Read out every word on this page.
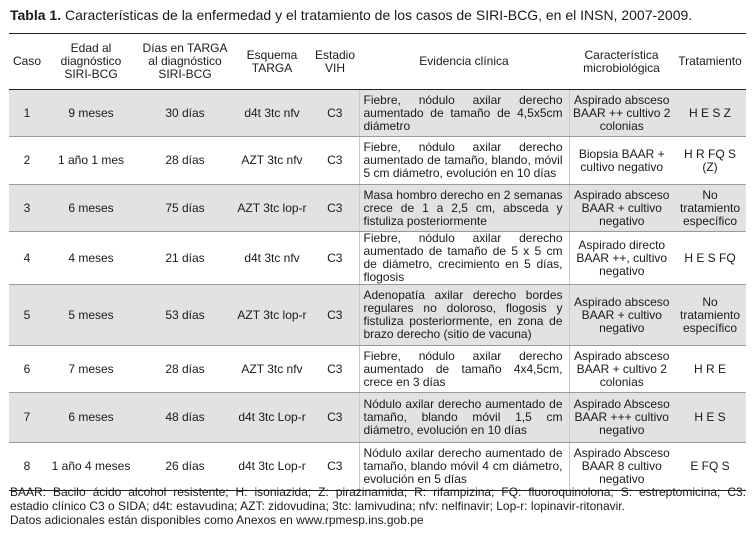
Tabla 1. Características de la enfermedad y el tratamiento de los casos de SIRI-BCG, en el INSN, 2007-2009.
Caso	Edad al diagnóstico SIRI-BCG	Días en TARGA al diagnóstico SIRI-BCG	Esquema TARGA	Estadio VIH	Evidencia clínica	Característica microbiológica	Tratamiento
1	9 meses	30 días	d4t 3tc nfv	C3	Fiebre, nódulo axilar derecho aumentado de tamaño de 4,5x5cm diámetro	Aspirado absceso BAAR ++ cultivo 2 colonias	H E S Z
2	1 año 1 mes	28 días	AZT 3tc nfv	C3	Fiebre, nódulo axilar derecho aumentado de tamaño, blando, móvil 5 cm diámetro, evolución en 10 días	Biopsia BAAR + cultivo negativo	H R FQ S (Z)
3	6 meses	75 días	AZT 3tc lop-r	C3	Masa hombro derecho en 2 semanas crece de 1 a 2,5 cm, absceda y fistuliza posteriormente	Aspirado absceso BAAR + cultivo negativo	No tratamiento específico
4	4 meses	21 días	d4t 3tc nfv	C3	Fiebre, nódulo axilar derecho aumentado de tamaño de 5 x 5 cm de diámetro, crecimiento en 5 días, flogosis	Aspirado directo BAAR ++, cultivo negativo	H E S FQ
5	5 meses	53 días	AZT 3tc lop-r	C3	Adenopatía axilar derecho bordes regulares no doloroso, flogosis y fistuliza posteriormente, en zona de brazo derecho (sitio de vacuna)	Aspirado absceso BAAR + cultivo negativo	No tratamiento específico
6	7 meses	28 días	AZT 3tc nfv	C3	Fiebre, nódulo axilar derecho aumentado de tamaño 4x4,5cm, crece en 3 días	Aspirado absceso BAAR + cultivo 2 colonias	H R E
7	6 meses	48 días	d4t 3tc Lop-r	C3	Nódulo axilar derecho aumentado de tamaño, blando móvil 1,5 cm diámetro, evolución en 10 días	Aspirado Absceso BAAR +++ cultivo negativo	H E S
8	1 año 4 meses	26 días	d4t 3tc Lop-r	C3	Nódulo axilar derecho aumentado de tamaño, blando móvil 4 cm diámetro, evolución en 5 días	Aspirado Absceso BAAR 8 cultivo negativo	E FQ S
BAAR: Bacilo ácido alcohol resistente; H: isoniazida; Z: pirazinamida; R: rifampizina; FQ: fluoroquinolona; S: estreptomicina; C3:
estadio clínico C3 o SIDA; d4t: estavudina; AZT: zidovudina; 3tc: lamivudina; nfv: nelfinavir; Lop-r: lopinavir-ritonavir.
Datos adicionales están disponibles como Anexos en www.rpmesp.ins.gob.pe
